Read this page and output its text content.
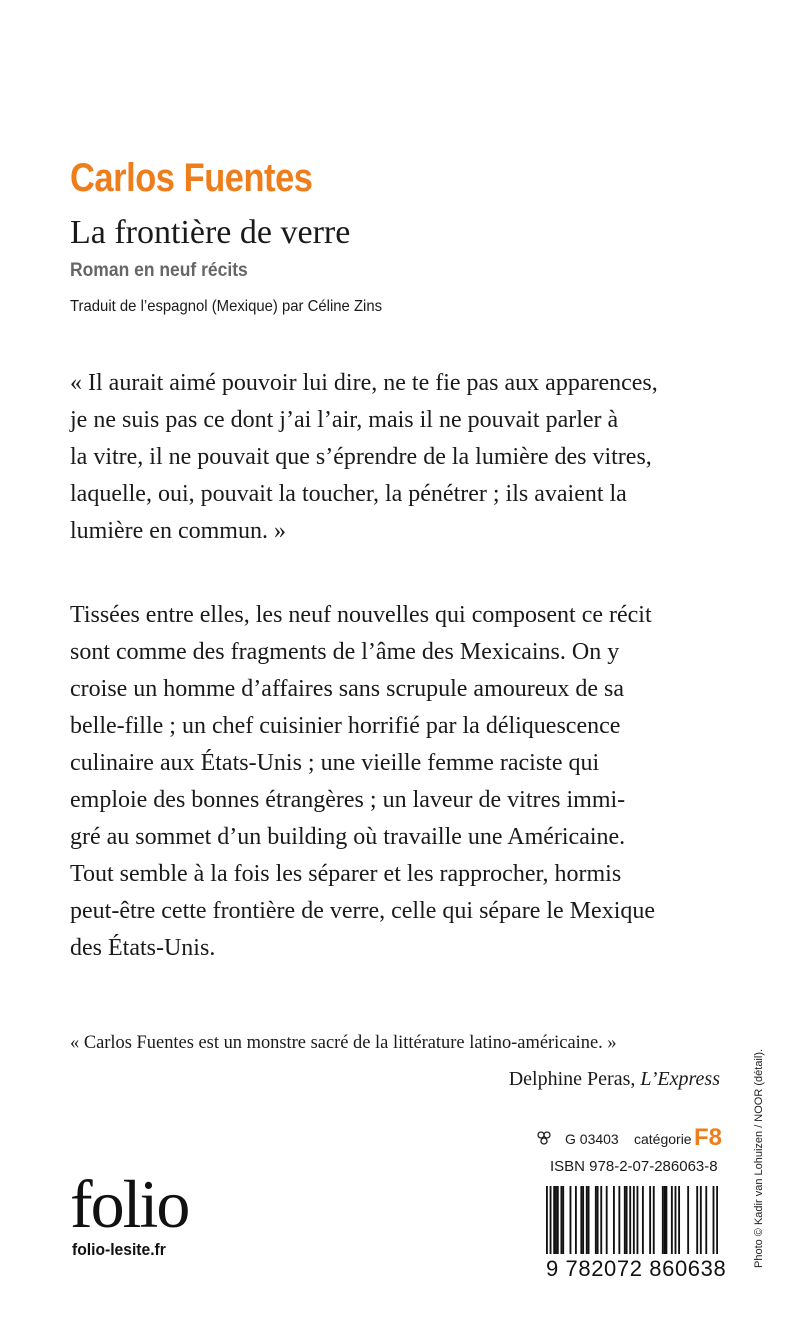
Carlos Fuentes
La frontière de verre
Roman en neuf récits
Traduit de l’espagnol (Mexique) par Céline Zins
« Il aurait aimé pouvoir lui dire, ne te fie pas aux apparences,
je ne suis pas ce dont j’ai l’air, mais il ne pouvait parler à
la vitre, il ne pouvait que s’éprendre de la lumière des vitres,
laquelle, oui, pouvait la toucher, la pénétrer ; ils avaient la
lumière en commun. »
Tissées entre elles, les neuf nouvelles qui composent ce récit
sont comme des fragments de l’âme des Mexicains. On y
croise un homme d’affaires sans scrupule amoureux de sa
belle-fille ; un chef cuisinier horrifié par la déliquescence
culinaire aux États-Unis ; une vieille femme raciste qui
emploie des bonnes étrangères ; un laveur de vitres immi-
gré au sommet d’un building où travaille une Américaine.
Tout semble à la fois les séparer et les rapprocher, hormis
peut-être cette frontière de verre, celle qui sépare le Mexique
des États-Unis.
« Carlos Fuentes est un monstre sacré de la littérature latino-américaine. »
Delphine Peras, L’Express
G 03403 catégorie F8
ISBN 978-2-07-286063-8
9 782072 860638
folio
folio-lesite.fr	Photo © Kadir van Lohuizen / NOOR (détail).
